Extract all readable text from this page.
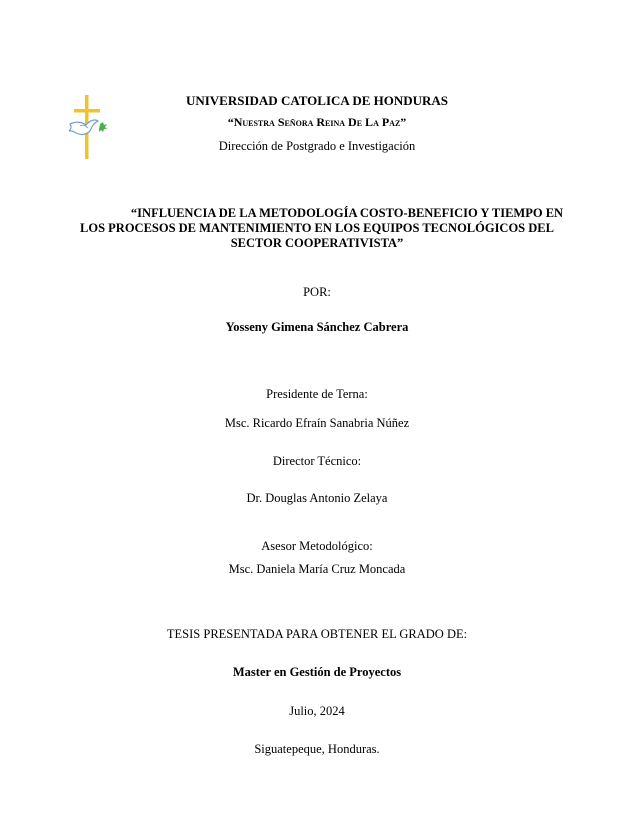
UNIVERSIDAD CATOLICA DE HONDURAS
“Nuestra Señora Reina De La Paz”
Dirección de Postgrado e Investigación
“INFLUENCIA DE LA METODOLOGÍA COSTO-BENEFICIO Y TIEMPO EN
LOS PROCESOS DE MANTENIMIENTO EN LOS EQUIPOS TECNOLÓGICOS DEL
SECTOR COOPERATIVISTA”
POR:
Yosseny Gimena Sánchez Cabrera
Presidente de Terna:
Msc. Ricardo Efraín Sanabria Núñez
Director Técnico:
Dr. Douglas Antonio Zelaya
Asesor Metodológico:
Msc. Daniela María Cruz Moncada
TESIS PRESENTADA PARA OBTENER EL GRADO DE:
Master en Gestión de Proyectos
Julio, 2024
Siguatepeque, Honduras.
